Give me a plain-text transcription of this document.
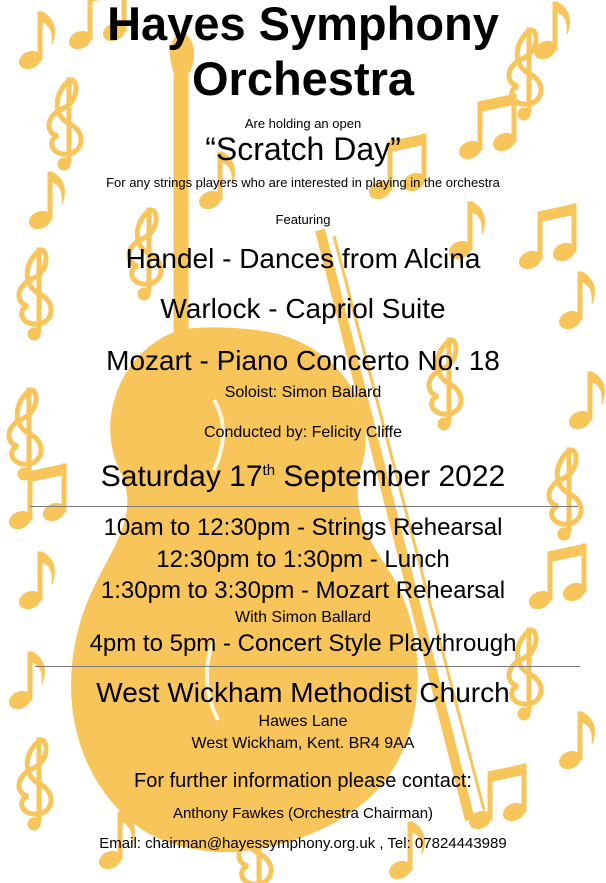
Hayes Symphony
Orchestra
Are holding an open
“Scratch Day”
For any strings players who are interested in playing in the orchestra
Featuring
Handel - Dances from Alcina
Warlock - Capriol Suite
Mozart - Piano Concerto No. 18
Soloist: Simon Ballard
Conducted by: Felicity Cliffe
Saturday 17th September 2022
10am to 12:30pm - Strings Rehearsal
12:30pm to 1:30pm - Lunch
1:30pm to 3:30pm - Mozart Rehearsal
With Simon Ballard
4pm to 5pm - Concert Style Playthrough
West Wickham Methodist Church
Hawes Lane
West Wickham, Kent. BR4 9AA
For further information please contact:
Anthony Fawkes (Orchestra Chairman)
Email: chairman@hayessymphony.org.uk , Tel: 07824443989
